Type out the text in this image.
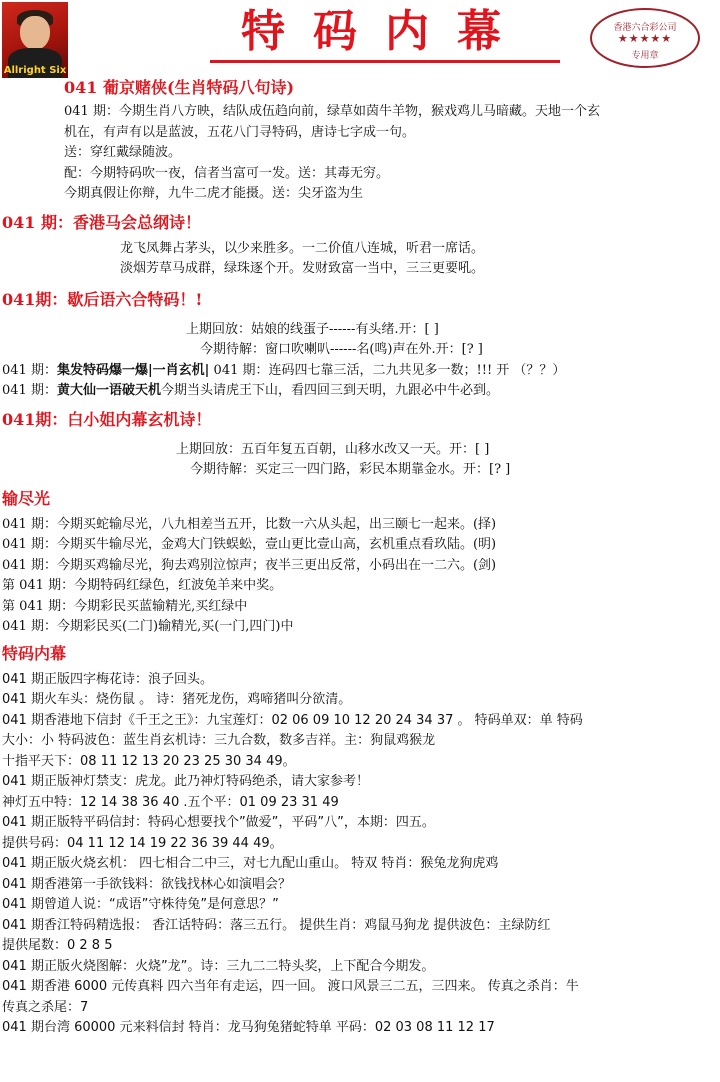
Allright Six
特码内幕	香港六合彩公司
★★★★★
专用章
041 葡京赌侠(生肖特码八句诗)
041 期：今期生肖八方映，结队成伍趋向前，绿草如茵牛羊物，猴戏鸡儿马暗藏。天地一个玄
机在，有声有以是蓝波，五花八门寻特码，唐诗七字成一句。
送：穿红戴绿随波。
配：今期特码吹一夜，信者当富可一发。送：其毒无穷。
今期真假让你辩，九牛二虎才能摄。送：尖牙盗为生
041 期：香港马会总纲诗！
龙飞凤舞占茅头，以少来胜多。一二价值八连城，听君一席话。
淡烟芳草马成群，绿珠逐个开。发财致富一当中，三三更要吼。
041期：歇后语六合特码！!
上期回放：姑娘的线蛋子------有头绪.开：[ ]
今期待解：窗口吹喇叭------名(鸣)声在外.开：[? ]
041 期：集发特码爆一爆|一肖玄机| 041 期：连码四七靠三活，二九共见多一数；!!! 开 （？？）
041 期：黄大仙一语破天机今期当头请虎王下山，看四回三到天明，九跟必中牛必到。
041期：白小姐内幕玄机诗！
上期回放：五百年复五百朝，山移水改又一天。开：[ ]
今期待解：买定三一四门路，彩民本期靠金水。开：[? ]
输尽光
041 期：今期买蛇输尽光，八九相差当五开，比数一六从头起，出三颐七一起来。(择)
041 期：今期买牛输尽光，金鸡大门铁蜈蚣，壹山更比壹山高，玄机重点看玖陆。(明)
041 期：今期买鸡输尽光，狗去鸡别泣惊声；夜半三更出反常，小码出在一二六。(剑)
第 041 期：今期特码红绿色，红波兔羊来中奖。
第 041 期：今期彩民买蓝输精光,买红绿中
041 期：今期彩民买(二门)输精光,买(一门,四门)中
特码内幕
041 期正版四字梅花诗：浪子回头。
041 期火车头：烧伤鼠 。 诗：猪死龙伤，鸡啼猪叫分欲清。
041 期香港地下信封《千王之王》：九宝莲灯：02 06 09 10 12 20 24 34 37 。 特码单双：单 特码
大小：小 特码波色：蓝生肖玄机诗：三九合数，数多吉祥。主：狗鼠鸡猴龙
十指平天下：08 11 12 13 20 23 25 30 34 49。
041 期正版神灯禁支：虎龙。此乃神灯特码绝杀，请大家参考！
神灯五中特：12 14 38 36 40 .五个平：01 09 23 31 49
041 期正版特平码信封：特码心想要找个”做爱”，平码”八”，本期：四五。
提供号码：04 11 12 14 19 22 36 39 44 49。
041 期正版火烧玄机： 四七相合二中三，对七九配山重山。 特双 特肖：猴兔龙狗虎鸡
041 期香港第一手欲钱料：欲钱找林心如演唱会？
041 期曾道人说：“成语”守株待兔”是何意思？”
041 期香江特码精选报： 香江话特码：落三五行。 提供生肖：鸡鼠马狗龙 提供波色：主绿防红
提供尾数：0 2 8 5
041 期正版火烧图解：火烧”龙”。诗：三九二二特头奖，上下配合今期发。
041 期香港 6000 元传真料 四六当年有走运，四一回。 渡口风景三二五，三四来。 传真之杀肖：牛
传真之杀尾：7
041 期台湾 60000 元来料信封 特肖：龙马狗兔猪蛇特单 平码：02 03 08 11 12 17
